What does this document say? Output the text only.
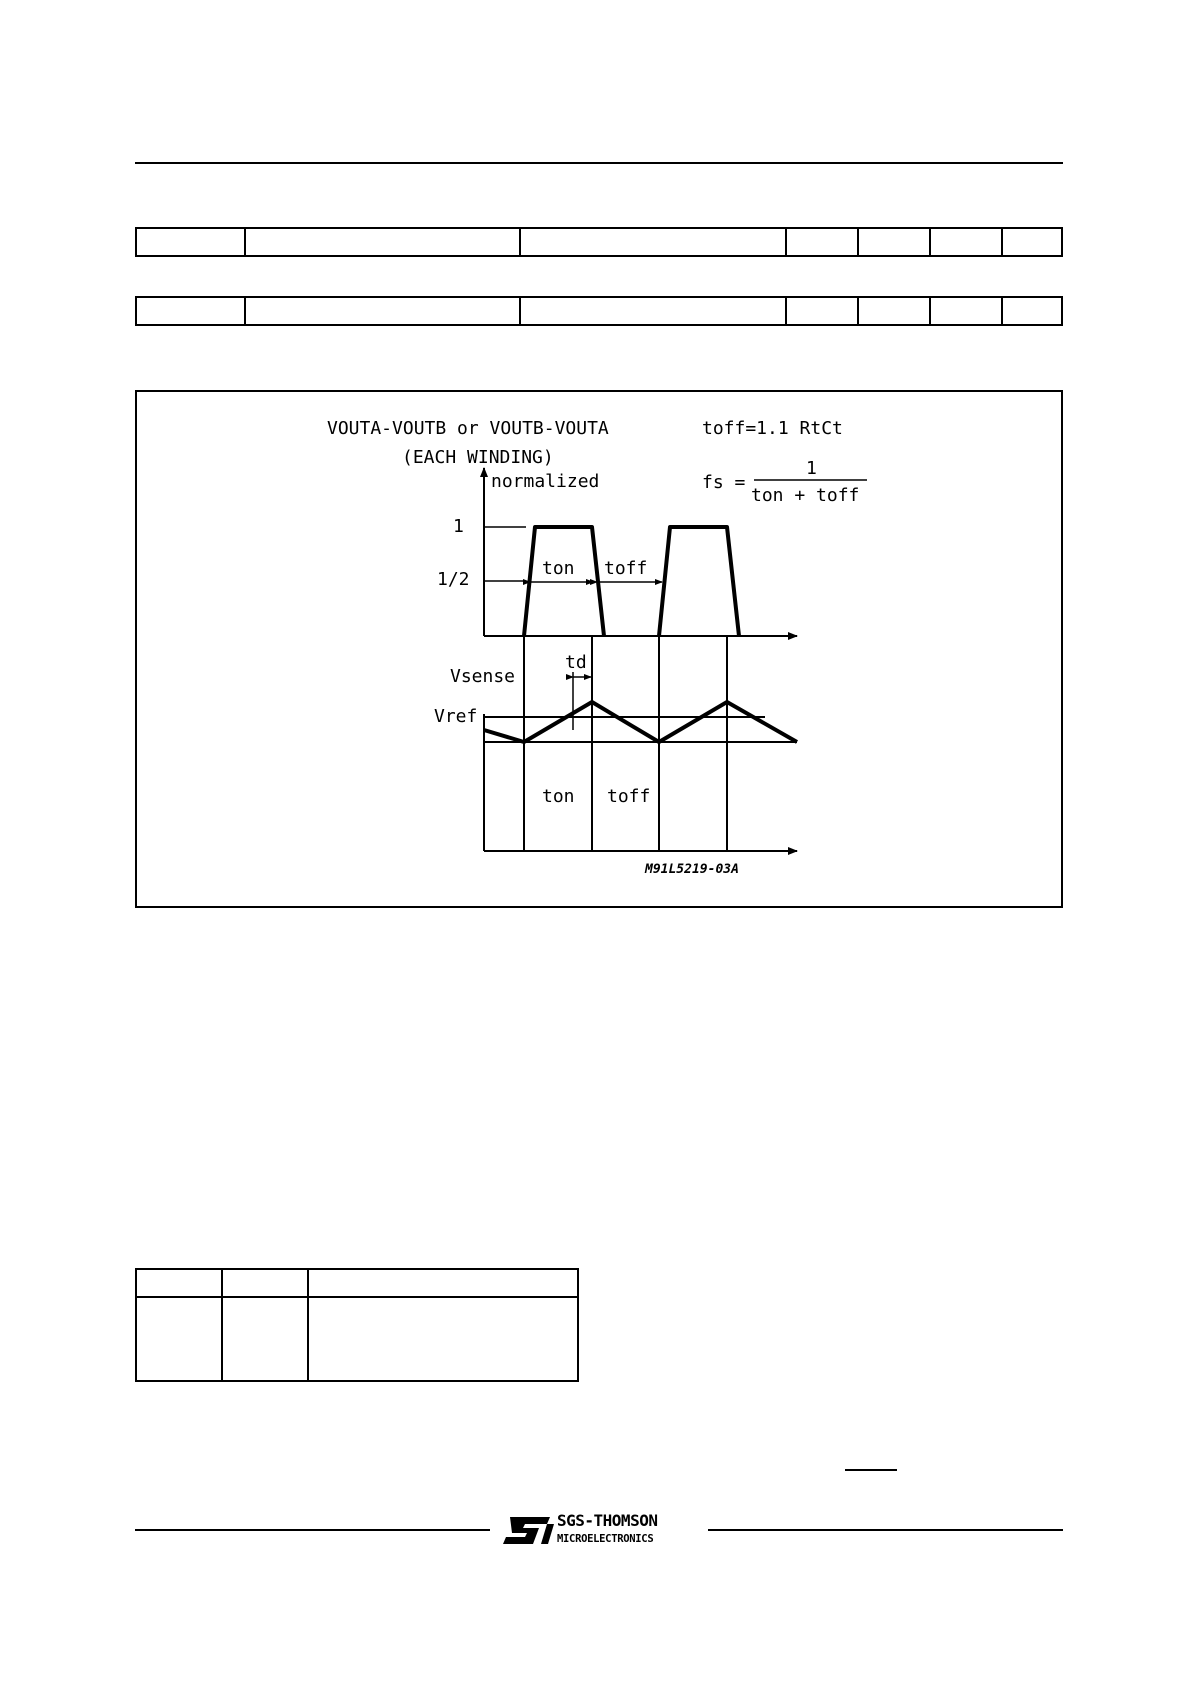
VOUTA-VOUTB or VOUTB-VOUTA
(EACH WINDING)
toff=1.1 RtCt
fs =
1
ton + toff
normalized
1
1/2
ton toff
td
Vsense
Vref
ton toff
M91L5219-03A

SGS-THOMSON
MICROELECTRONICS
